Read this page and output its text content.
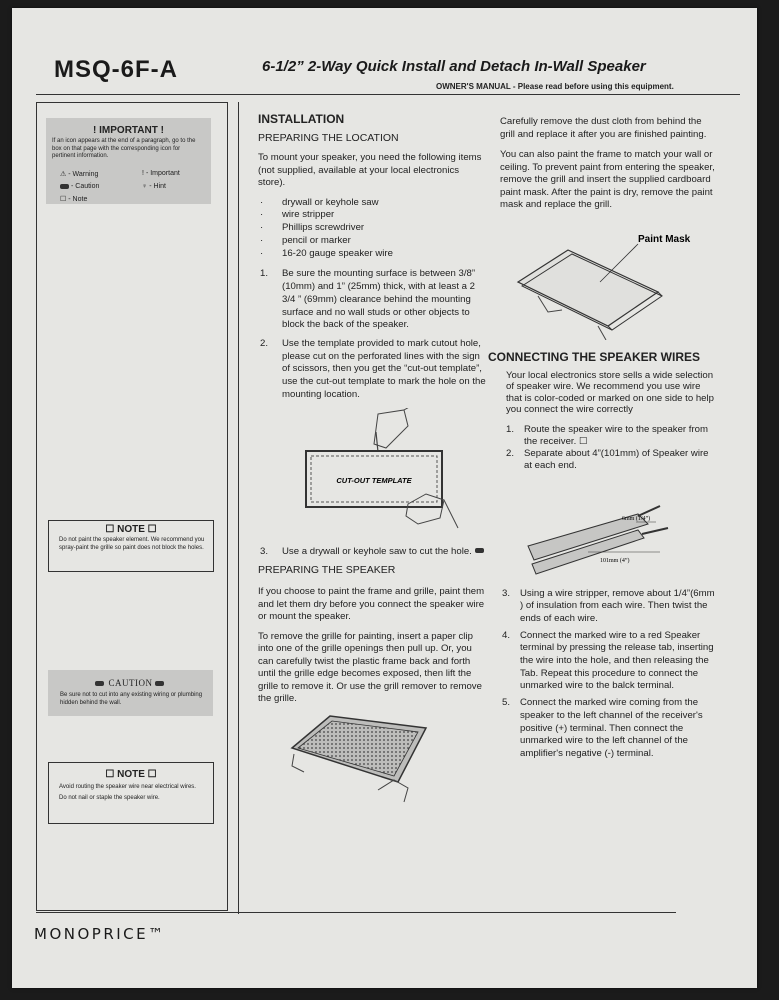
MSQ-6F-A	6-1/2” 2-Way Quick Install and Detach In-Wall Speaker
OWNER'S MANUAL - Please read before using this equipment.
! IMPORTANT !
If an icon appears at the end of a paragraph, go to the box on that page with the corresponding icon for pertinent information.
⚠ - Warning	! - Important
- Caution	♀ - Hint
☐ - Note
☐ NOTE ☐
Do not paint the speaker element. We recommend you spray-paint the grille so paint does not block the holes.
CAUTION
Be sure not to cut into any existing wiring or plumbing hidden behind the wall.
☐ NOTE ☐
Avoid routing the speaker wire near electrical wires.
Do not nail or staple the speaker wire.
INSTALLATION
PREPARING THE LOCATION
To mount your speaker, you need the following items (not supplied, available at your local electronics store).
· drywall or keyhole saw
· wire stripper
· Phillips screwdriver
· pencil or marker
· 16-20 gauge speaker wire
1. Be sure the mounting surface is between 3/8” (10mm) and 1” (25mm) thick, with at least a 2 3/4 ” (69mm) clearance behind the mounting surface and no wall studs or other objects to block the back of the speaker.
2. Use the template provided to mark cutout hole, please cut on the perforated lines with the sign of scissors, then you get the “cut-out template”, use the cut-out template to mark the hole on the mounting location.
CUT-OUT TEMPLATE
3. Use a drywall or keyhole saw to cut the hole.
PREPARING THE SPEAKER
If you choose to paint the frame and grille, paint them and let them dry before you connect the speaker wire or mount the speaker.
To remove the grille for painting, insert a paper clip into one of the grille openings then pull up. Or, you can carefully twist the plastic frame back and forth until the grille edge becomes exposed, then lift the grille to remove it. Or use the grill remover to remove the grille.
Carefully remove the dust cloth from behind the grill and replace it after you are finished painting.
You can also paint the frame to match your wall or ceiling. To prevent paint from entering the speaker, remove the grill and insert the supplied cardboard paint mask. After the paint is dry, remove the paint mask and replace the grill.
Paint Mask
CONNECTING THE SPEAKER WIRES
Your local electronics store sells a wide selection of speaker wire. We recommend you use wire that is color-coded or marked on one side to help you connect the wire correctly
1.	Route the speaker wire to the speaker from the receiver. ☐
2.	Separate about 4”(101mm) of Speaker wire at each end.
6mm (1/4”)
101mm (4”)
3.	Using a wire stripper, remove about 1/4”(6mm ) of insulation from each wire. Then twist the ends of each wire.
4.	Connect the marked wire to a red Speaker terminal by pressing the release tab, inserting the wire into the hole, and then releasing the Tab. Repeat this procedure to connect the unmarked wire to the balck terminal.
5.	Connect the marked wire coming from the speaker to the left channel of the receiver's positive (+) terminal. Then connect the unmarked wire to the left channel of the amplifier's negative (-) terminal.
MONOPRICE™
